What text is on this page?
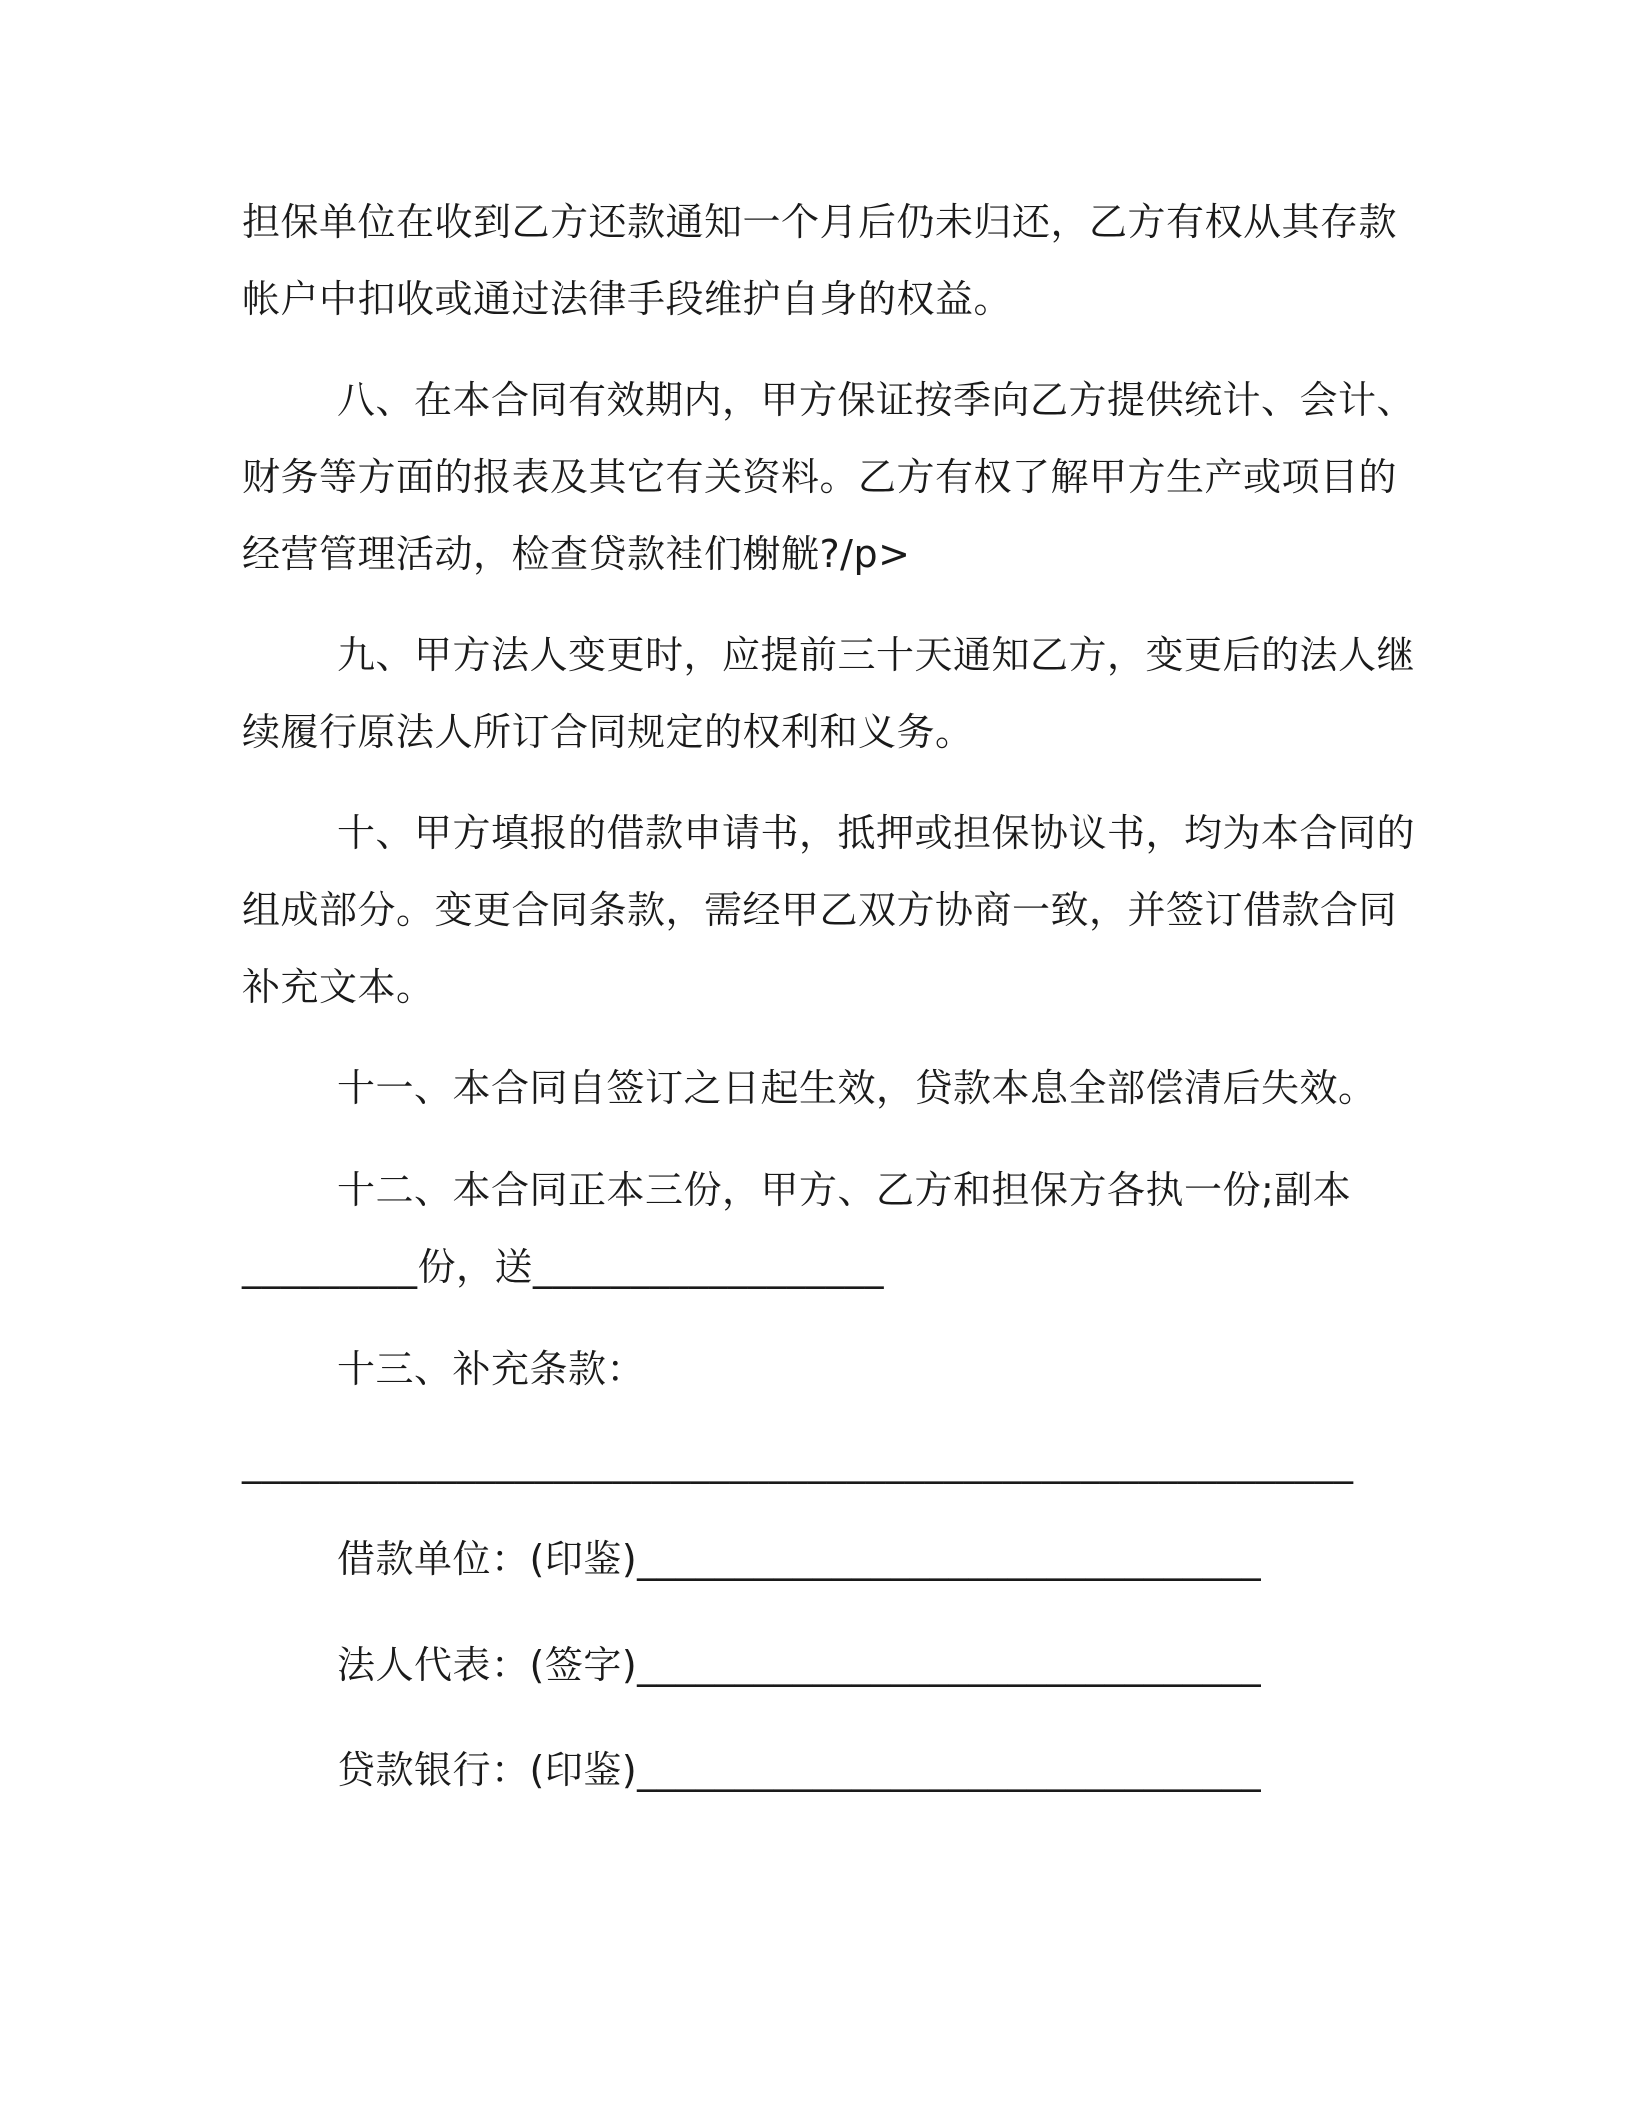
担保单位在收到乙方还款通知一个月后仍未归还，乙方有权从其存款
帐户中扣收或通过法律手段维护自身的权益。
八、在本合同有效期内，甲方保证按季向乙方提供统计、会计、
财务等方面的报表及其它有关资料。乙方有权了解甲方生产或项目的
经营管理活动，检查贷款袿们榭觥?/p>
九、甲方法人变更时，应提前三十天通知乙方，变更后的法人继
续履行原法人所订合同规定的权利和义务。
十、甲方填报的借款申请书，抵押或担保协议书，均为本合同的
组成部分。变更合同条款，需经甲乙双方协商一致，并签订借款合同
补充文本。
十一、本合同自签订之日起生效，贷款本息全部偿清后失效。
十二、本合同正本三份，甲方、乙方和担保方各执一份;副本
_________份，送__________________
十三、补充条款：
_________________________________________________________
借款单位：(印鉴)________________________________
法人代表：(签字)________________________________
贷款银行：(印鉴)________________________________
